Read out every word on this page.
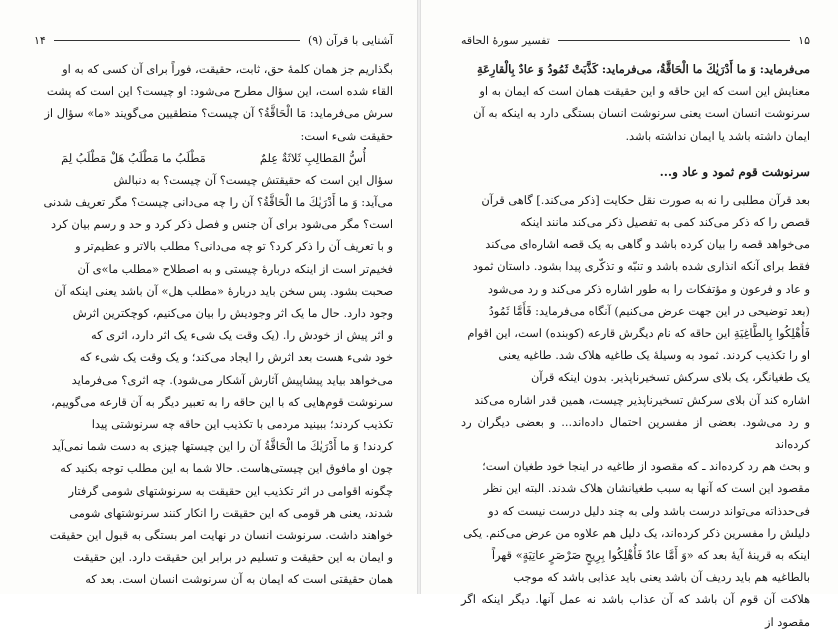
۱۴	آشنایی با قرآن (۹)

بگذاریم جز همان کلمهٔ حق، ثابت، حقیقت، فوراً برای آن کسی که به او

القاء شده است، این سؤال مطرح می‌شود: او چیست؟ این است که پشت

سرش می‌فرماید: مَا الْحَاقَّةُ؟ آن چیست؟ منطقیین می‌گویند «ما» سؤال از

حقیقت شیء است:

أُسُّ المَطالِبِ ثَلاثَةٌ عِلمٌ
مَطْلَبُ ما مَطْلَبُ هَلْ مَطْلَبُ لِمَ

سؤال این است که حقیقتش چیست؟ آن چیست؟ به دنبالش

می‌آید: وَ ما أَدْرَیٰكَ ما الْحَاقَّةُ؟ آن را چه می‌دانی چیست؟ مگر تعریف شدنی

است؟ مگر می‌شود برای آن جنس و فصل ذکر کرد و حد و رسم بیان کرد

و با تعریف آن را ذکر کرد؟ تو چه می‌دانی؟ مطلب بالاتر و عظیم‌تر و

فخیم‌تر است از اینکه دربارهٔ چیستی و به اصطلاح «مطلب ما»ی آن

صحبت بشود. پس سخن باید دربارهٔ «مطلب هل» آن باشد یعنی اینکه آن

وجود دارد. حال ما یک اثر وجودیش را بیان می‌کنیم، کوچکترین اثرش

و اثر پیش از خودش را. (یک وقت یک شیء یک اثر دارد، اثری که

خود شیء هست بعد اثرش را ایجاد می‌کند؛ و یک وقت یک شیء که

می‌خواهد بیاید پیشاپیش آثارش آشکار می‌شود). چه اثری؟ می‌فرماید

سرنوشت قوم‌هایی که با این حاقه را به تعبیر دیگر به آن قارعه می‌گوییم،

تکذیب کردند؛ ببینید مردمی با تکذیب این حاقه چه سرنوشتی پیدا

کردند! وَ ما أَدْرَیٰكَ ما الْحَاقَّةُ آن را این چیستها چیزی به دست شما نمی‌آید

چون او مافوق این چیستی‌هاست. حالا شما به این مطلب توجه بکنید که

چگونه اقوامی در اثر تکذیب این حقیقت به سرنوشتهای شومی گرفتار

شدند، یعنی هر قومی که این حقیقت را انکار کنند سرنوشتهای شومی

خواهند داشت. سرنوشت انسان در نهایت امر بستگی به قبول این حقیقت

و ایمان به این حقیقت و تسلیم در برابر این حقیقت دارد. این حقیقت

همان حقیقتی است که ایمان به آن سرنوشت انسان است. بعد که

تفسیر سورهٔ الحاقه	۱۵

می‌فرماید: وَ ما أَدْرَیٰكَ ما الْحَاقَّةُ، می‌فرماید: كَذَّبَتْ ثَمُودُ وَ عادٌ بِالْقارِعَةِ

معنایش این است که این حاقه و این حقیقت همان است که ایمان به او

سرنوشت انسان است یعنی سرنوشت انسان بستگی دارد به اینکه به آن

ایمان داشته باشد یا ایمان نداشته باشد.

سرنوشت قوم ثمود و عاد و...

بعد قرآن مطلبی را نه به صورت نقل حکایت [ذکر می‌کند.] گاهی قرآن

قصص را که ذکر می‌کند کمی به تفصیل ذکر می‌کند مانند اینکه

می‌خواهد قصه را بیان کرده باشد و گاهی به یک قصه اشاره‌ای می‌کند

فقط برای آنکه انذاری شده باشد و تنبّه و تذکّری پیدا بشود. داستان ثمود

و عاد و فرعون و مؤتفکات را به طور اشاره ذکر می‌کند و رد می‌شود

(بعد توضیحی در این جهت عرض می‌کنیم) آنگاه می‌فرماید: فَأَمَّا ثَمُودُ

فَأُهْلِكُوا بِالطَّاغِيَةِ این حاقه که نام دیگرش قارعه (کوبنده) است، این اقوام

او را تکذیب کردند. ثمود به وسیلهٔ یک طاغیه هلاک شد. طاغیه یعنی

یک طغیانگر، یک بلای سرکش تسخیرناپذیر. بدون اینکه قرآن

اشاره کند آن بلای سرکش تسخیرناپذیر چیست، همین قدر اشاره می‌کند

و رد می‌شود. بعضی از مفسرین احتمال داده‌اند... و بعضی دیگران رد کرده‌اند

و بحث هم رد کرده‌اند ـ که مقصود از طاغیه در اینجا خود طغیان است؛

مقصود این است که آنها به سبب طغیانشان هلاک شدند. البته این نظر

فی‌حدذاته می‌تواند درست باشد ولی به چند دلیل درست نیست که دو

دلیلش را مفسرین ذکر کرده‌اند، یک دلیل هم علاوه من عرض می‌کنم. یکی

اینکه به قرینهٔ آیهٔ بعد که «وَ أَمَّا عادٌ فَأُهْلِكُوا بِرِيحٍ صَرْصَرٍ عاتِيَةٍ» قهراً

بالطاغیه هم باید ردیف آن باشد یعنی باید عذابی باشد که موجب

هلاکت آن قوم آن باشد که آن عذاب باشد نه عمل آنها. دیگر اینکه اگر مقصود از
